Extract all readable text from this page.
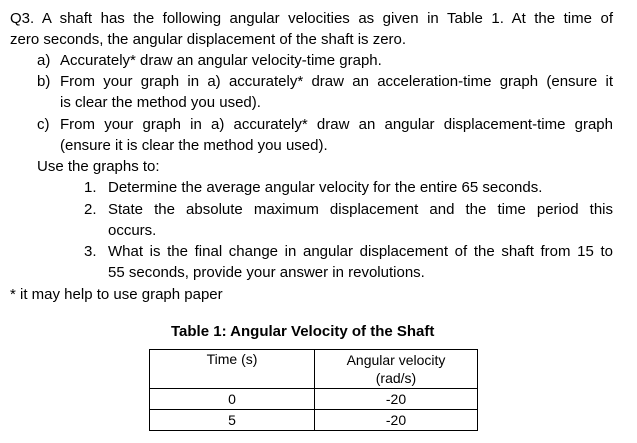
Q3. A shaft has the following angular velocities as given in Table 1. At the time of
zero seconds, the angular displacement of the shaft is zero.
a) Accurately* draw an angular velocity-time graph.
b) From your graph in a) accurately* draw an acceleration-time graph (ensure it
is clear the method you used).
c) From your graph in a) accurately* draw an angular displacement-time graph
(ensure it is clear the method you used).
Use the graphs to:
1. Determine the average angular velocity for the entire 65 seconds.
2. State the absolute maximum displacement and the time period this
occurs.
3. What is the final change in angular displacement of the shaft from 15 to
55 seconds, provide your answer in revolutions.
* it may help to use graph paper
Table 1: Angular Velocity of the Shaft
Time (s)	Angular velocity
(rad/s)

0	-20
5	-20
